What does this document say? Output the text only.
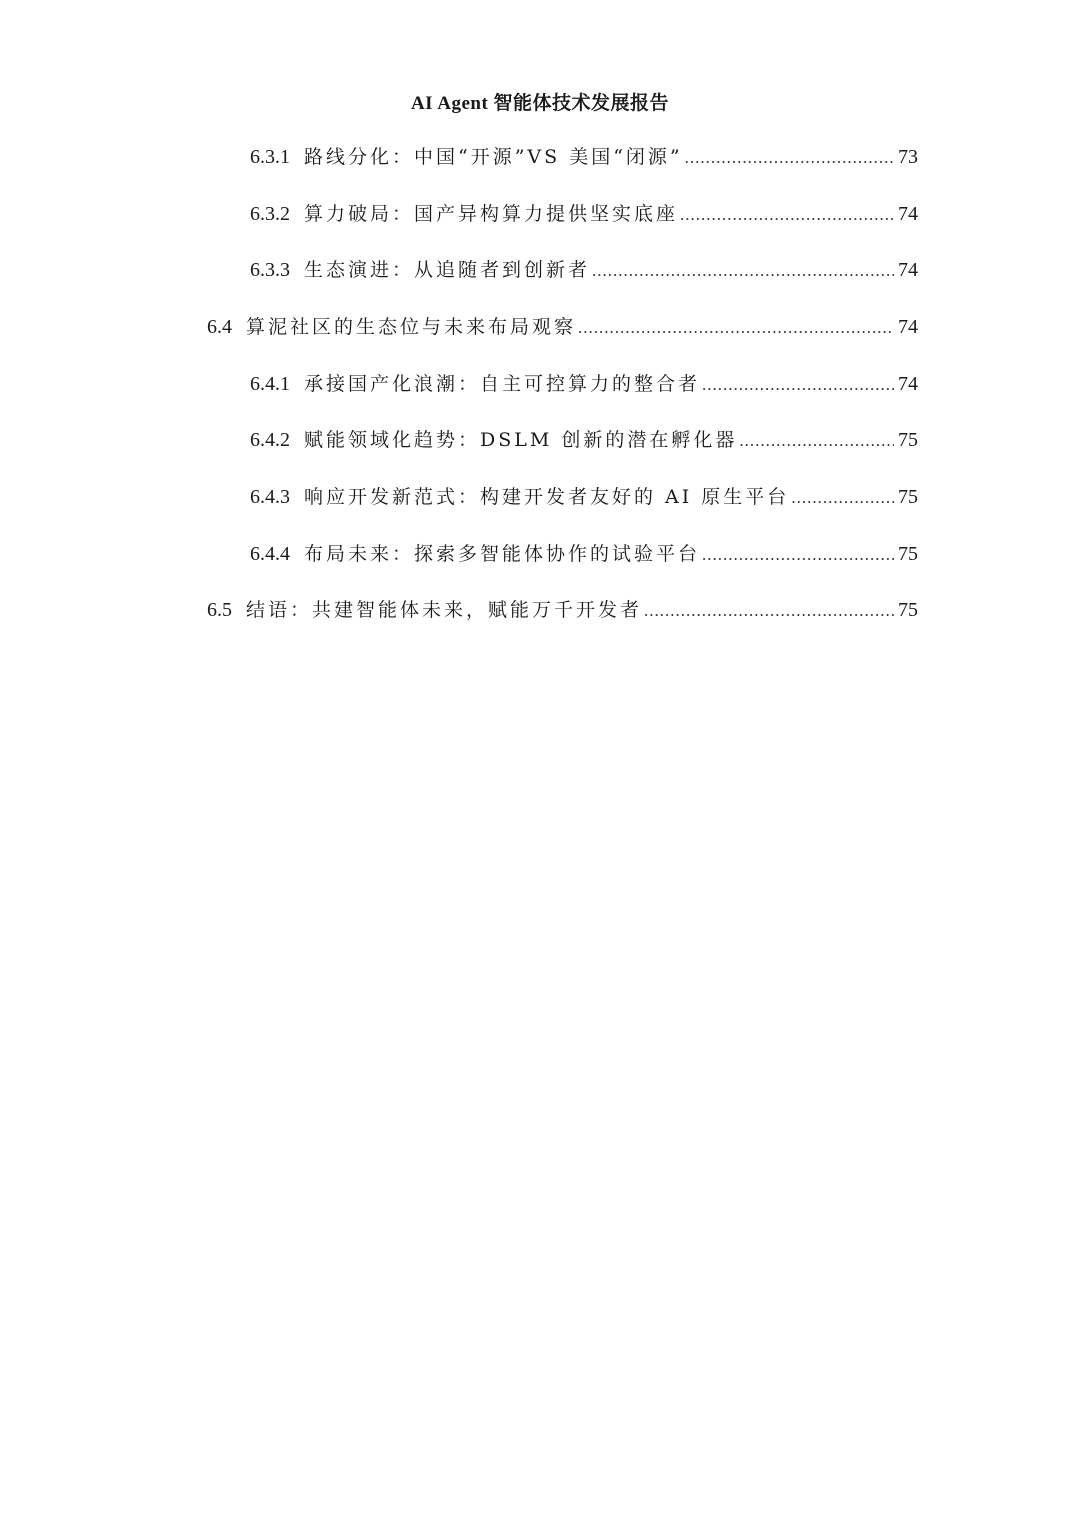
AI Agent 智能体技术发展报告
6.3.1 路线分化：中国“开源”VS 美国“闭源” .....	73
6.3.2 算力破局：国产异构算力提供坚实底座 .....	74
6.3.3 生态演进：从追随者到创新者 .....	74
6.4 算泥社区的生态位与未来布局观察 .....	74
6.4.1 承接国产化浪潮：自主可控算力的整合者 .....	74
6.4.2 赋能领域化趋势：DSLM 创新的潜在孵化器 .....	75
6.4.3 响应开发新范式：构建开发者友好的 AI 原生平台 .....	75
6.4.4 布局未来：探索多智能体协作的试验平台 .....	75
6.5 结语：共建智能体未来，赋能万千开发者 .....	75
